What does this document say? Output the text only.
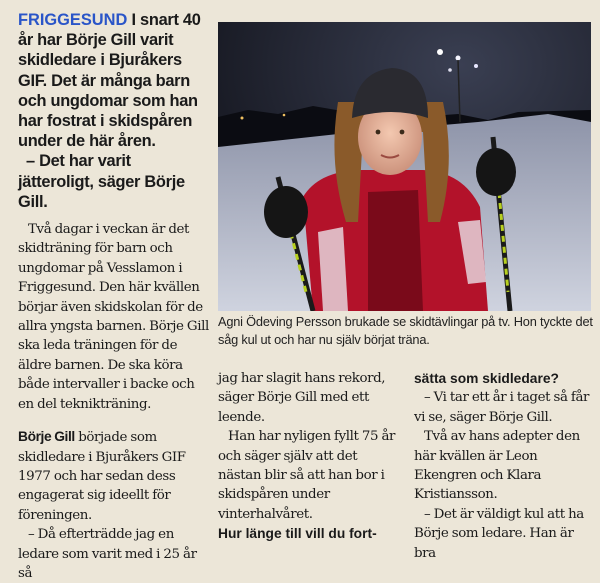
FRIGGESUND I snart 40 år har Börje Gill varit skidledare i Bjuråkers GIF. Det är många barn och ungdomar som han har fostrat i skidspåren under de här åren.

– Det har varit jätteroligt, säger Börje Gill.

Två dagar i veckan är det skidträning för barn och ungdomar på Vesslamon i Friggesund. Den här kvällen börjar även skidskolan för de allra yngsta barnen. Börje Gill ska leda träningen för de äldre barnen. De ska köra både intervaller i backe och en del teknikträning.

Börje Gill började som skidledare i Bjuråkers GIF 1977 och har sedan dess engagerat sig ideellt för föreningen.

– Då efterträdde jag en ledare som varit med i 25 år så

Agni Ödeving Persson brukade se skidtävlingar på tv. Hon tyckte det såg kul ut och har nu själv börjat träna.

jag har slagit hans rekord, säger Börje Gill med ett leende.

Han har nyligen fyllt 75 år och säger själv att det nästan blir så att han bor i skidspåren under vinterhalvåret.

Hur länge till vill du fort-

sätta som skidledare?

– Vi tar ett år i taget så får vi se, säger Börje Gill.

Två av hans adepter den här kvällen är Leon Ekengren och Klara Kristiansson.

– Det är väldigt kul att ha Börje som ledare. Han är bra
